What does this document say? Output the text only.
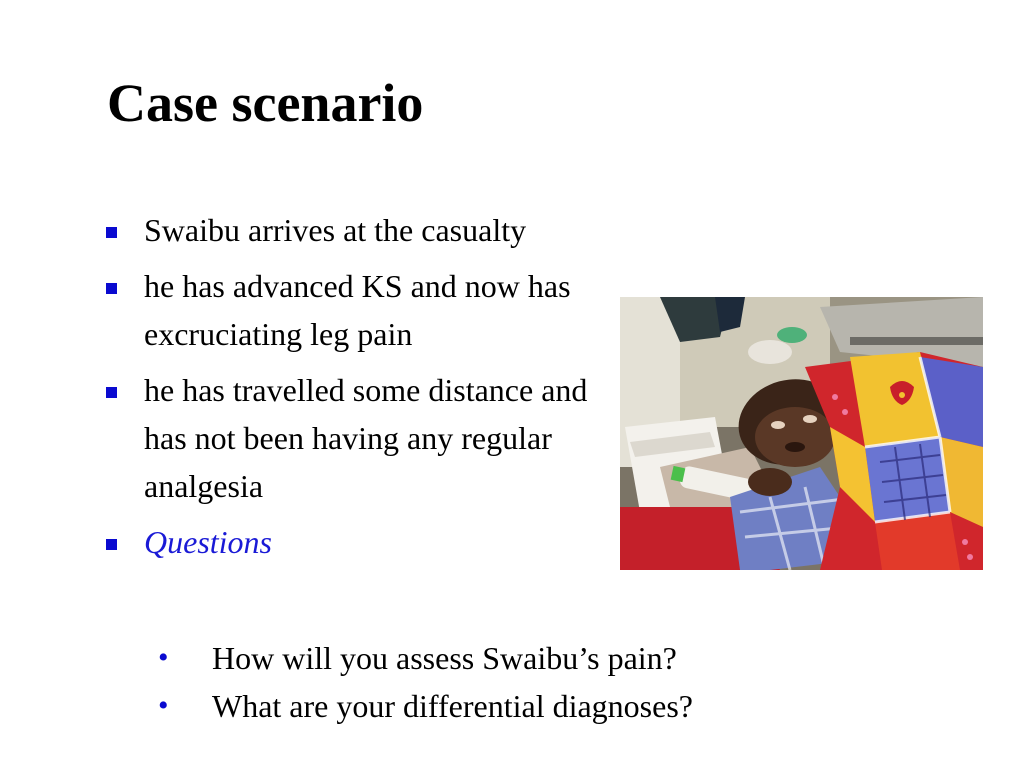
Case scenario
Swaibu arrives at the casualty
he has advanced KS and now has excruciating leg pain
he has travelled some distance and has not been having any regular analgesia
Questions
• How will you assess Swaibu’s pain?
• What are your differential diagnoses?
